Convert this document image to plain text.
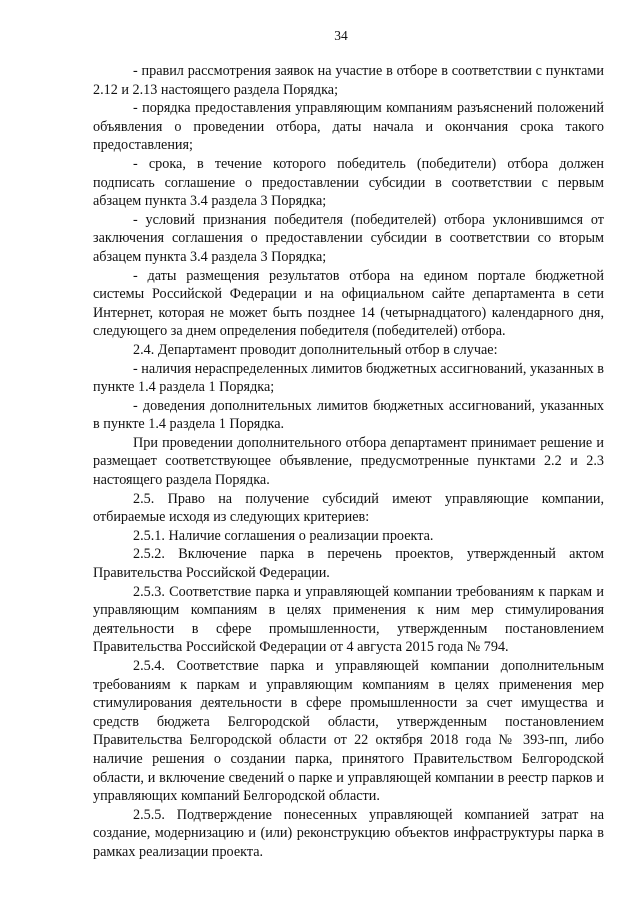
34

- правил рассмотрения заявок на участие в отборе в соответствии с пунктами 2.12 и 2.13 настоящего раздела Порядка;

- порядка предоставления управляющим компаниям разъяснений положений объявления о проведении отбора, даты начала и окончания срока такого предоставления;

- срока, в течение которого победитель (победители) отбора должен подписать соглашение о предоставлении субсидии в соответствии с первым абзацем пункта 3.4 раздела 3 Порядка;

- условий признания победителя (победителей) отбора уклонившимся от заключения соглашения о предоставлении субсидии в соответствии со вторым абзацем пункта 3.4 раздела 3 Порядка;

- даты размещения результатов отбора на едином портале бюджетной системы Российской Федерации и на официальном сайте департамента в сети Интернет, которая не может быть позднее 14 (четырнадцатого) календарного дня, следующего за днем определения победителя (победителей) отбора.

2.4. Департамент проводит дополнительный отбор в случае:

- наличия нераспределенных лимитов бюджетных ассигнований, указанных в пункте 1.4 раздела 1 Порядка;

- доведения дополнительных лимитов бюджетных ассигнований, указанных в пункте 1.4 раздела 1 Порядка.

При проведении дополнительного отбора департамент принимает решение и размещает соответствующее объявление, предусмотренные пунктами 2.2 и 2.3 настоящего раздела Порядка.

2.5. Право на получение субсидий имеют управляющие компании, отбираемые исходя из следующих критериев:

2.5.1. Наличие соглашения о реализации проекта.

2.5.2. Включение парка в перечень проектов, утвержденный актом Правительства Российской Федерации.

2.5.3. Соответствие парка и управляющей компании требованиям к паркам и управляющим компаниям в целях применения к ним мер стимулирования деятельности в сфере промышленности, утвержденным постановлением Правительства Российской Федерации от 4 августа 2015 года № 794.

2.5.4. Соответствие парка и управляющей компании дополнительным требованиям к паркам и управляющим компаниям в целях применения мер стимулирования деятельности в сфере промышленности за счет имущества и средств бюджета Белгородской области, утвержденным постановлением Правительства Белгородской области от 22 октября 2018 года № 393-пп, либо наличие решения о создании парка, принятого Правительством Белгородской области, и включение сведений о парке и управляющей компании в реестр парков и управляющих компаний Белгородской области.

2.5.5. Подтверждение понесенных управляющей компанией затрат на создание, модернизацию и (или) реконструкцию объектов инфраструктуры парка в рамках реализации проекта.
